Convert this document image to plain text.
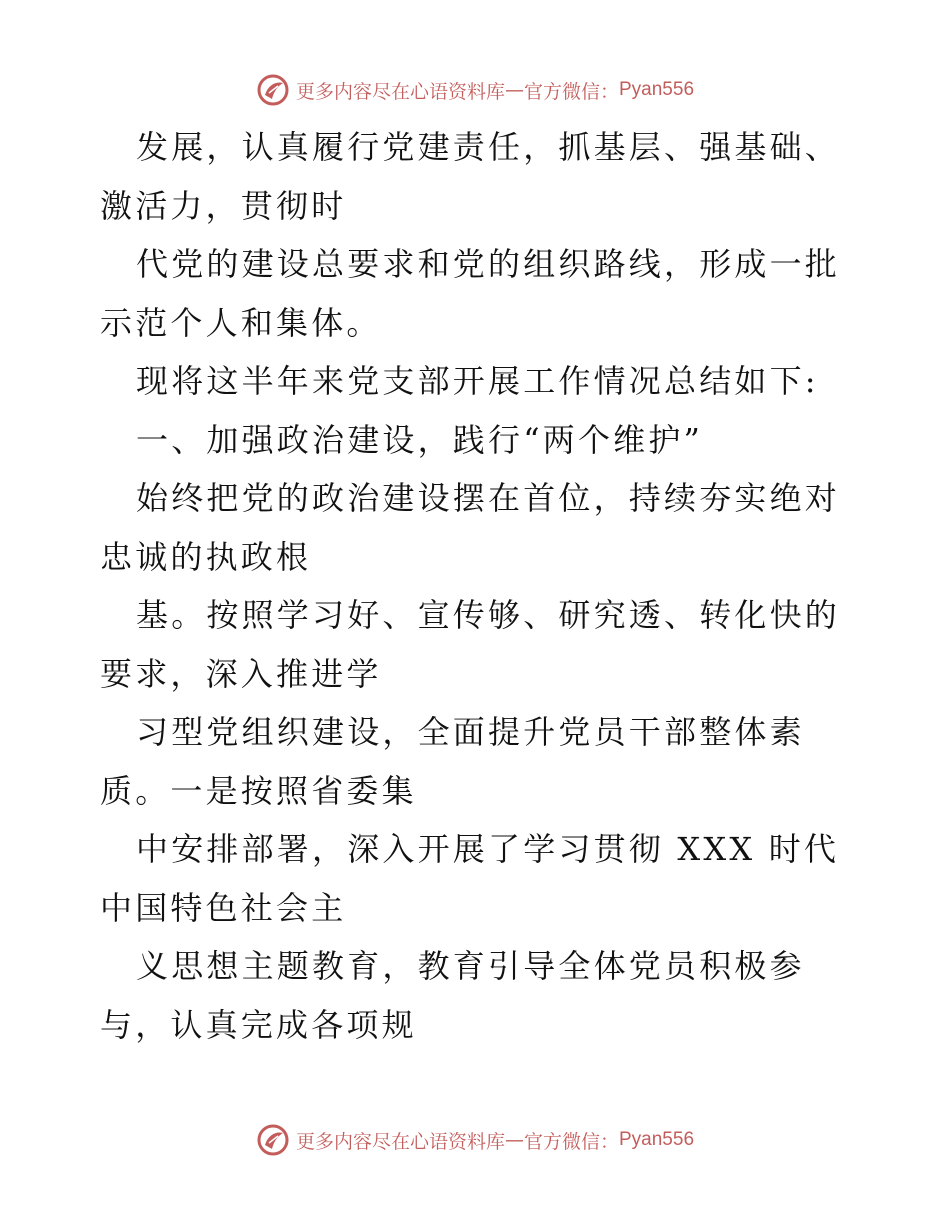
更多内容尽在心语资料库 — 官方微信： Pyan556

发展，认真履行党建责任，抓基层、强基础、激活力，贯彻时

代党的建设总要求和党的组织路线，形成一批示范个人和集体。

现将这半年来党支部开展工作情况总结如下:

一、加强政治建设，践行“两个维护”

始终把党的政治建设摆在首位，持续夯实绝对忠诚的执政根

基。按照学习好、宣传够、研究透、转化快的要求，深入推进学

习型党组织建设，全面提升党员干部整体素质。一是按照省委集

中安排部署，深入开展了学习贯彻 XXX 时代中国特色社会主

义思想主题教育，教育引导全体党员积极参与，认真完成各项规

更多内容尽在心语资料库 — 官方微信： Pyan556
